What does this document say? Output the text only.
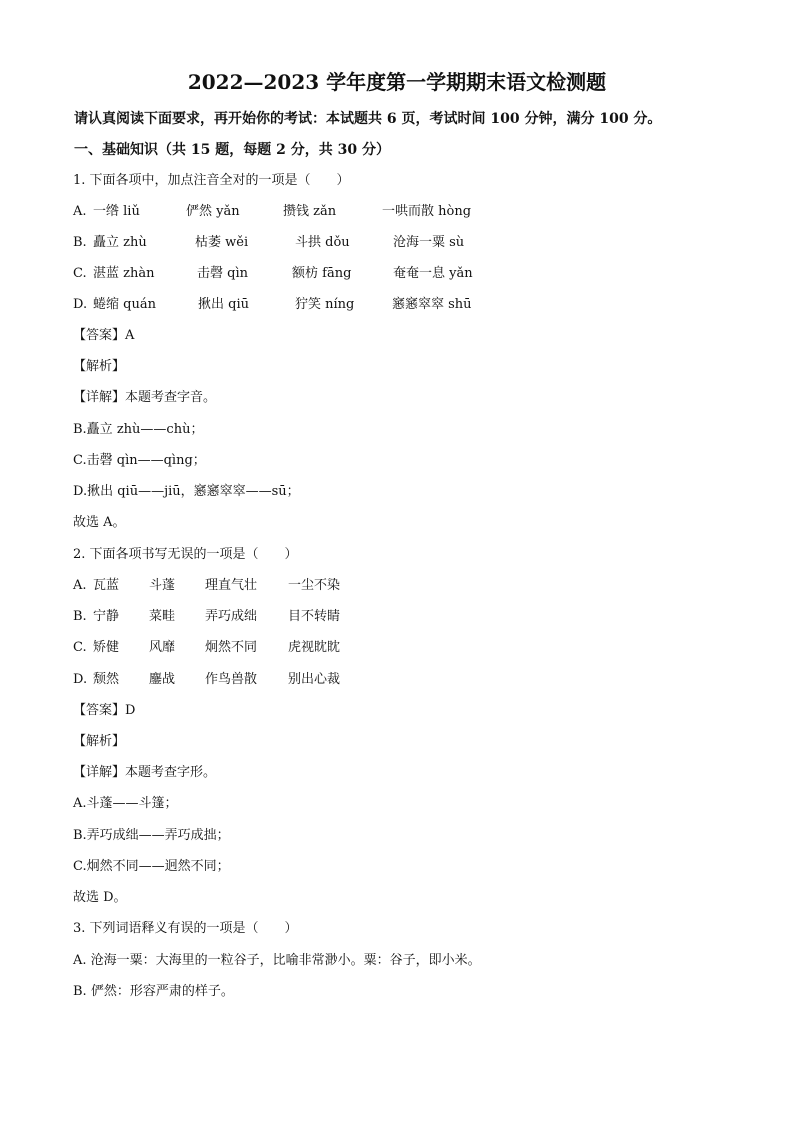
2022—2023 学年度第一学期期末语文检测题
请认真阅读下面要求，再开始你的考试：本试题共 6 页，考试时间 100 分钟，满分 100 分。
一、基础知识（共 15 题，每题 2 分，共 30 分）
1. 下面各项中，加点注音全对的一项是（　　）
A. 一绺 liǔ	俨然 yǎn	攒钱 zǎn	一哄而散 hòng
B. 矗立 zhù	枯萎 wěi	斗拱 dǒu	沧海一粟 sù
C. 湛蓝 zhàn	击磬 qìn	额枋 fāng	奄奄一息 yǎn
D. 蜷缩 quán	揪出 qiū	狞笑 níng	窸窸窣窣 shū
【答案】A
【解析】
【详解】本题考查字音。
B.矗立 zhù——chù；
C.击磬 qìn——qìng；
D.揪出 qiū——jiū，窸窸窣窣——sū；
故选 A。
2. 下面各项书写无误的一项是（　　）
A. 瓦蓝 斗蓬 理直气壮 一尘不染
B. 宁静 菜畦 弄巧成绌 目不转睛
C. 矫健 风靡 炯然不同 虎视眈眈
D. 颓然 鏖战 作鸟兽散 别出心裁
【答案】D
【解析】
【详解】本题考查字形。
A.斗蓬——斗篷；
B.弄巧成绌——弄巧成拙；
C.炯然不同——迥然不同；
故选 D。
3. 下列词语释义有误的一项是（　　）
A. 沧海一粟：大海里的一粒谷子，比喻非常渺小。粟：谷子，即小米。
B. 俨然：形容严肃的样子。
